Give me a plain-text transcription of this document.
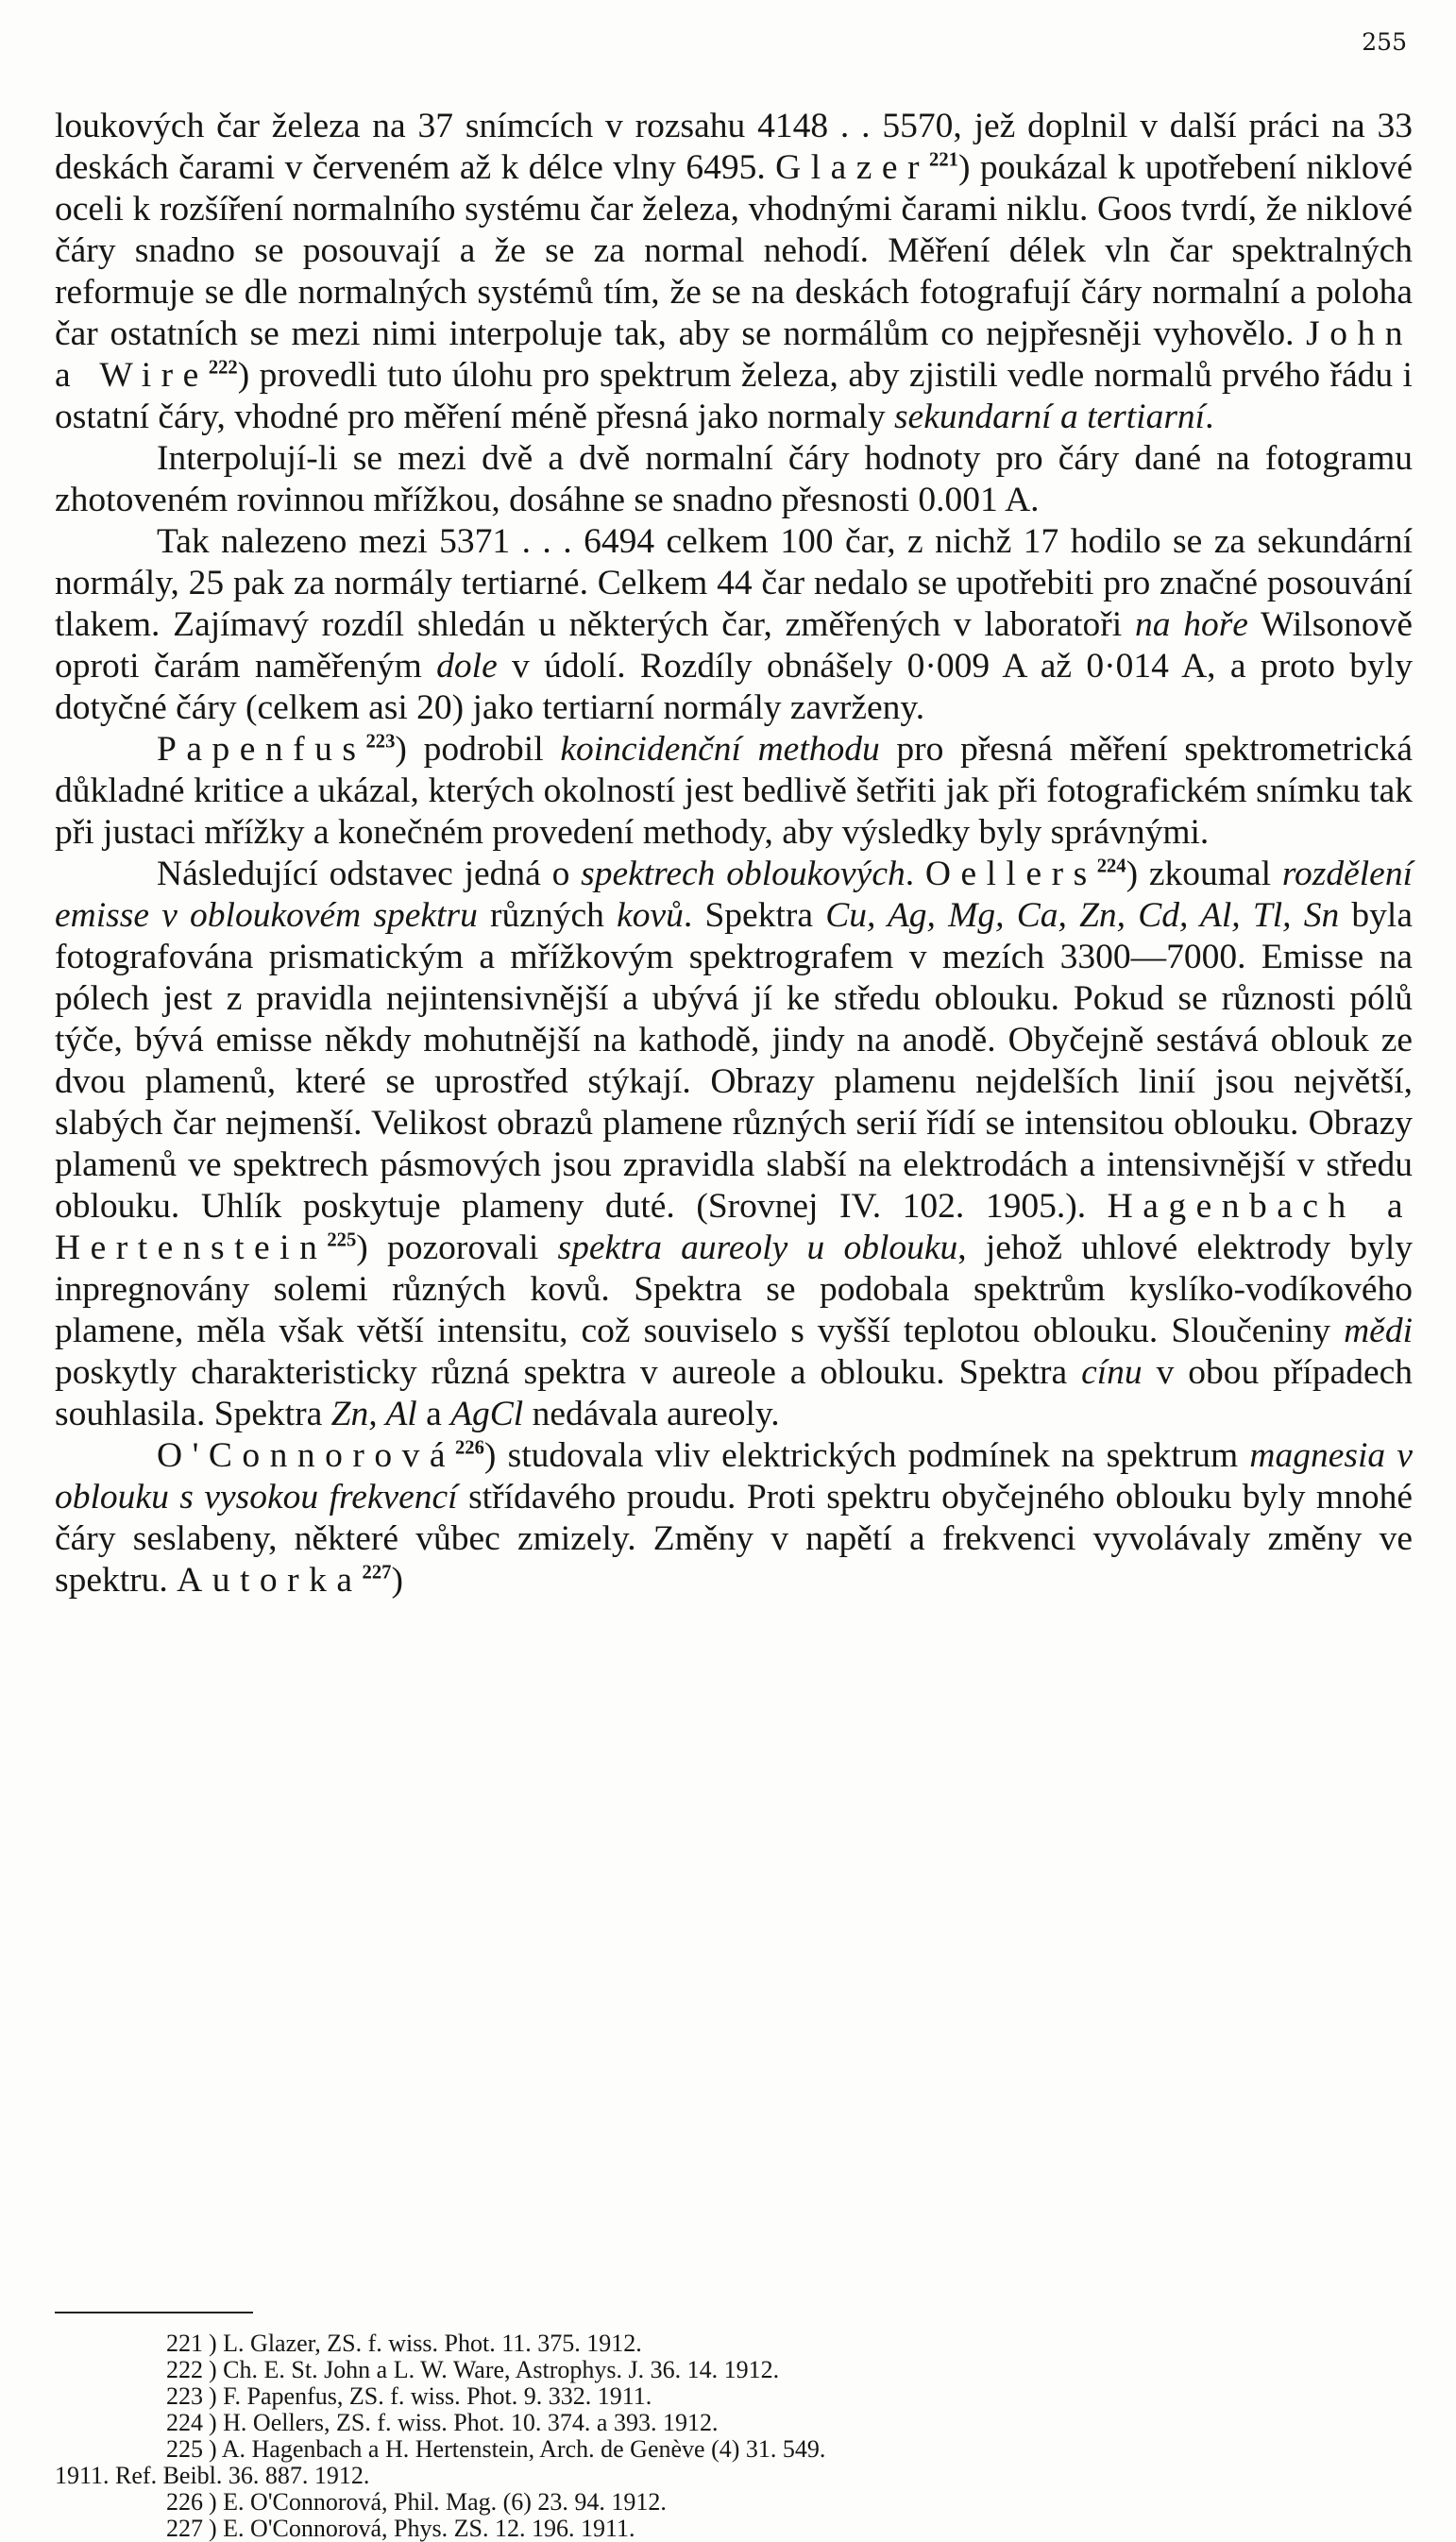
255

loukových čar železa na 37 snímcích v rozsahu 4148 . . 5570, jež doplnil v další práci na 33 deskách čarami v červeném až k délce vlny 6495. Glazer$^{221}$) poukázal k upotřebení niklové oceli k rozšíření normalního systému čar železa, vhodnými čarami niklu. Goos tvrdí, že niklové čáry snadno se posouvají a že se za normal nehodí. Měření délek vln čar spektralných reformuje se dle normalných systémů tím, že se na deskách fotografují čáry normalní a poloha čar ostatních se mezi nimi interpoluje tak, aby se normálům co nejpřesněji vyhovělo. John a Wire$^{222}$) provedli tuto úlohu pro spektrum železa, aby zjistili vedle normalů prvého řádu i ostatní čáry, vhodné pro měření méně přesná jako normaly sekundarní a tertiarní.

Interpolují-li se mezi dvě a dvě normalní čáry hodnoty pro čáry dané na fotogramu zhotoveném rovinnou mřížkou, dosáhne se snadno přesnosti 0.001 A.

Tak nalezeno mezi 5371 . . . 6494 celkem 100 čar, z nichž 17 hodilo se za sekundární normály, 25 pak za normály tertiarné. Celkem 44 čar nedalo se upotřebiti pro značné posouvání tlakem. Zajímavý rozdíl shledán u některých čar, změřených v laboratoři na hoře Wilsonově oproti čarám naměřeným dole v údolí. Rozdíly obnášely 0·009 A až 0·014 A, a proto byly dotyčné čáry (celkem asi 20) jako tertiarní normály zavrženy.

Papenfus$^{223}$) podrobil koincidenční methodu pro přesná měření spektrometrická důkladné kritice a ukázal, kterých okolností jest bedlivě šetřiti jak při fotografickém snímku tak při justaci mřížky a konečném provedení methody, aby výsledky byly správnými.

Následující odstavec jedná o spektrech obloukových. Oellers$^{224}$) zkoumal rozdělení emisse v obloukovém spektru různých kovů. Spektra Cu, Ag, Mg, Ca, Zn, Cd, Al, Tl, Sn byla fotografována prismatickým a mřížkovým spektrografem v mezích 3300—7000. Emisse na pólech jest z pravidla nejintensivnější a ubývá jí ke středu oblouku. Pokud se různosti pólů týče, bývá emisse někdy mohutnější na kathodě, jindy na anodě. Obyčejně sestává oblouk ze dvou plamenů, které se uprostřed stýkají. Obrazy plamenu nejdelších linií jsou největší, slabých čar nejmenší. Velikost obrazů plamene různých serií řídí se intensitou oblouku. Obrazy plamenů ve spektrech pásmových jsou zpravidla slabší na elektrodách a intensivnější v středu oblouku. Uhlík poskytuje plameny duté. (Srovnej IV. 102. 1905.). Hagenbach a Hertenstein$^{225}$) pozorovali spektra aureoly u oblouku, jehož uhlové elektrody byly inpregnovány solemi různých kovů. Spektra se podobala spektrům kyslíko-vodíkového plamene, měla však větší intensitu, což souviselo s vyšší teplotou oblouku. Sloučeniny mědi poskytly charakteristicky různá spektra v aureole a oblouku. Spektra cínu v obou případech souhlasila. Spektra Zn, Al a AgCl nedávala aureoly.

O'Connorová$^{226}$) studovala vliv elektrických podmínek na spektrum magnesia v oblouku s vysokou frekvencí střídavého proudu. Proti spektru obyčejného oblouku byly mnohé čáry seslabeny, některé vůbec zmizely. Změny v napětí a frekvenci vyvolávaly změny ve spektru. Autorka$^{227}$)

221 ) L. Glazer, ZS. f. wiss. Phot. 11. 375. 1912.

222 ) Ch. E. St. John a L. W. Ware, Astrophys. J. 36. 14. 1912.

223 ) F. Papenfus, ZS. f. wiss. Phot. 9. 332. 1911.

224 ) H. Oellers, ZS. f. wiss. Phot. 10. 374. a 393. 1912.

225 ) A. Hagenbach a H. Hertenstein, Arch. de Genève (4) 31. 549.

1911. Ref. Beibl. 36. 887. 1912.

226 ) E. O'Connorová, Phil. Mag. (6) 23. 94. 1912.

227 ) E. O'Connorová, Phys. ZS. 12. 196. 1911.
